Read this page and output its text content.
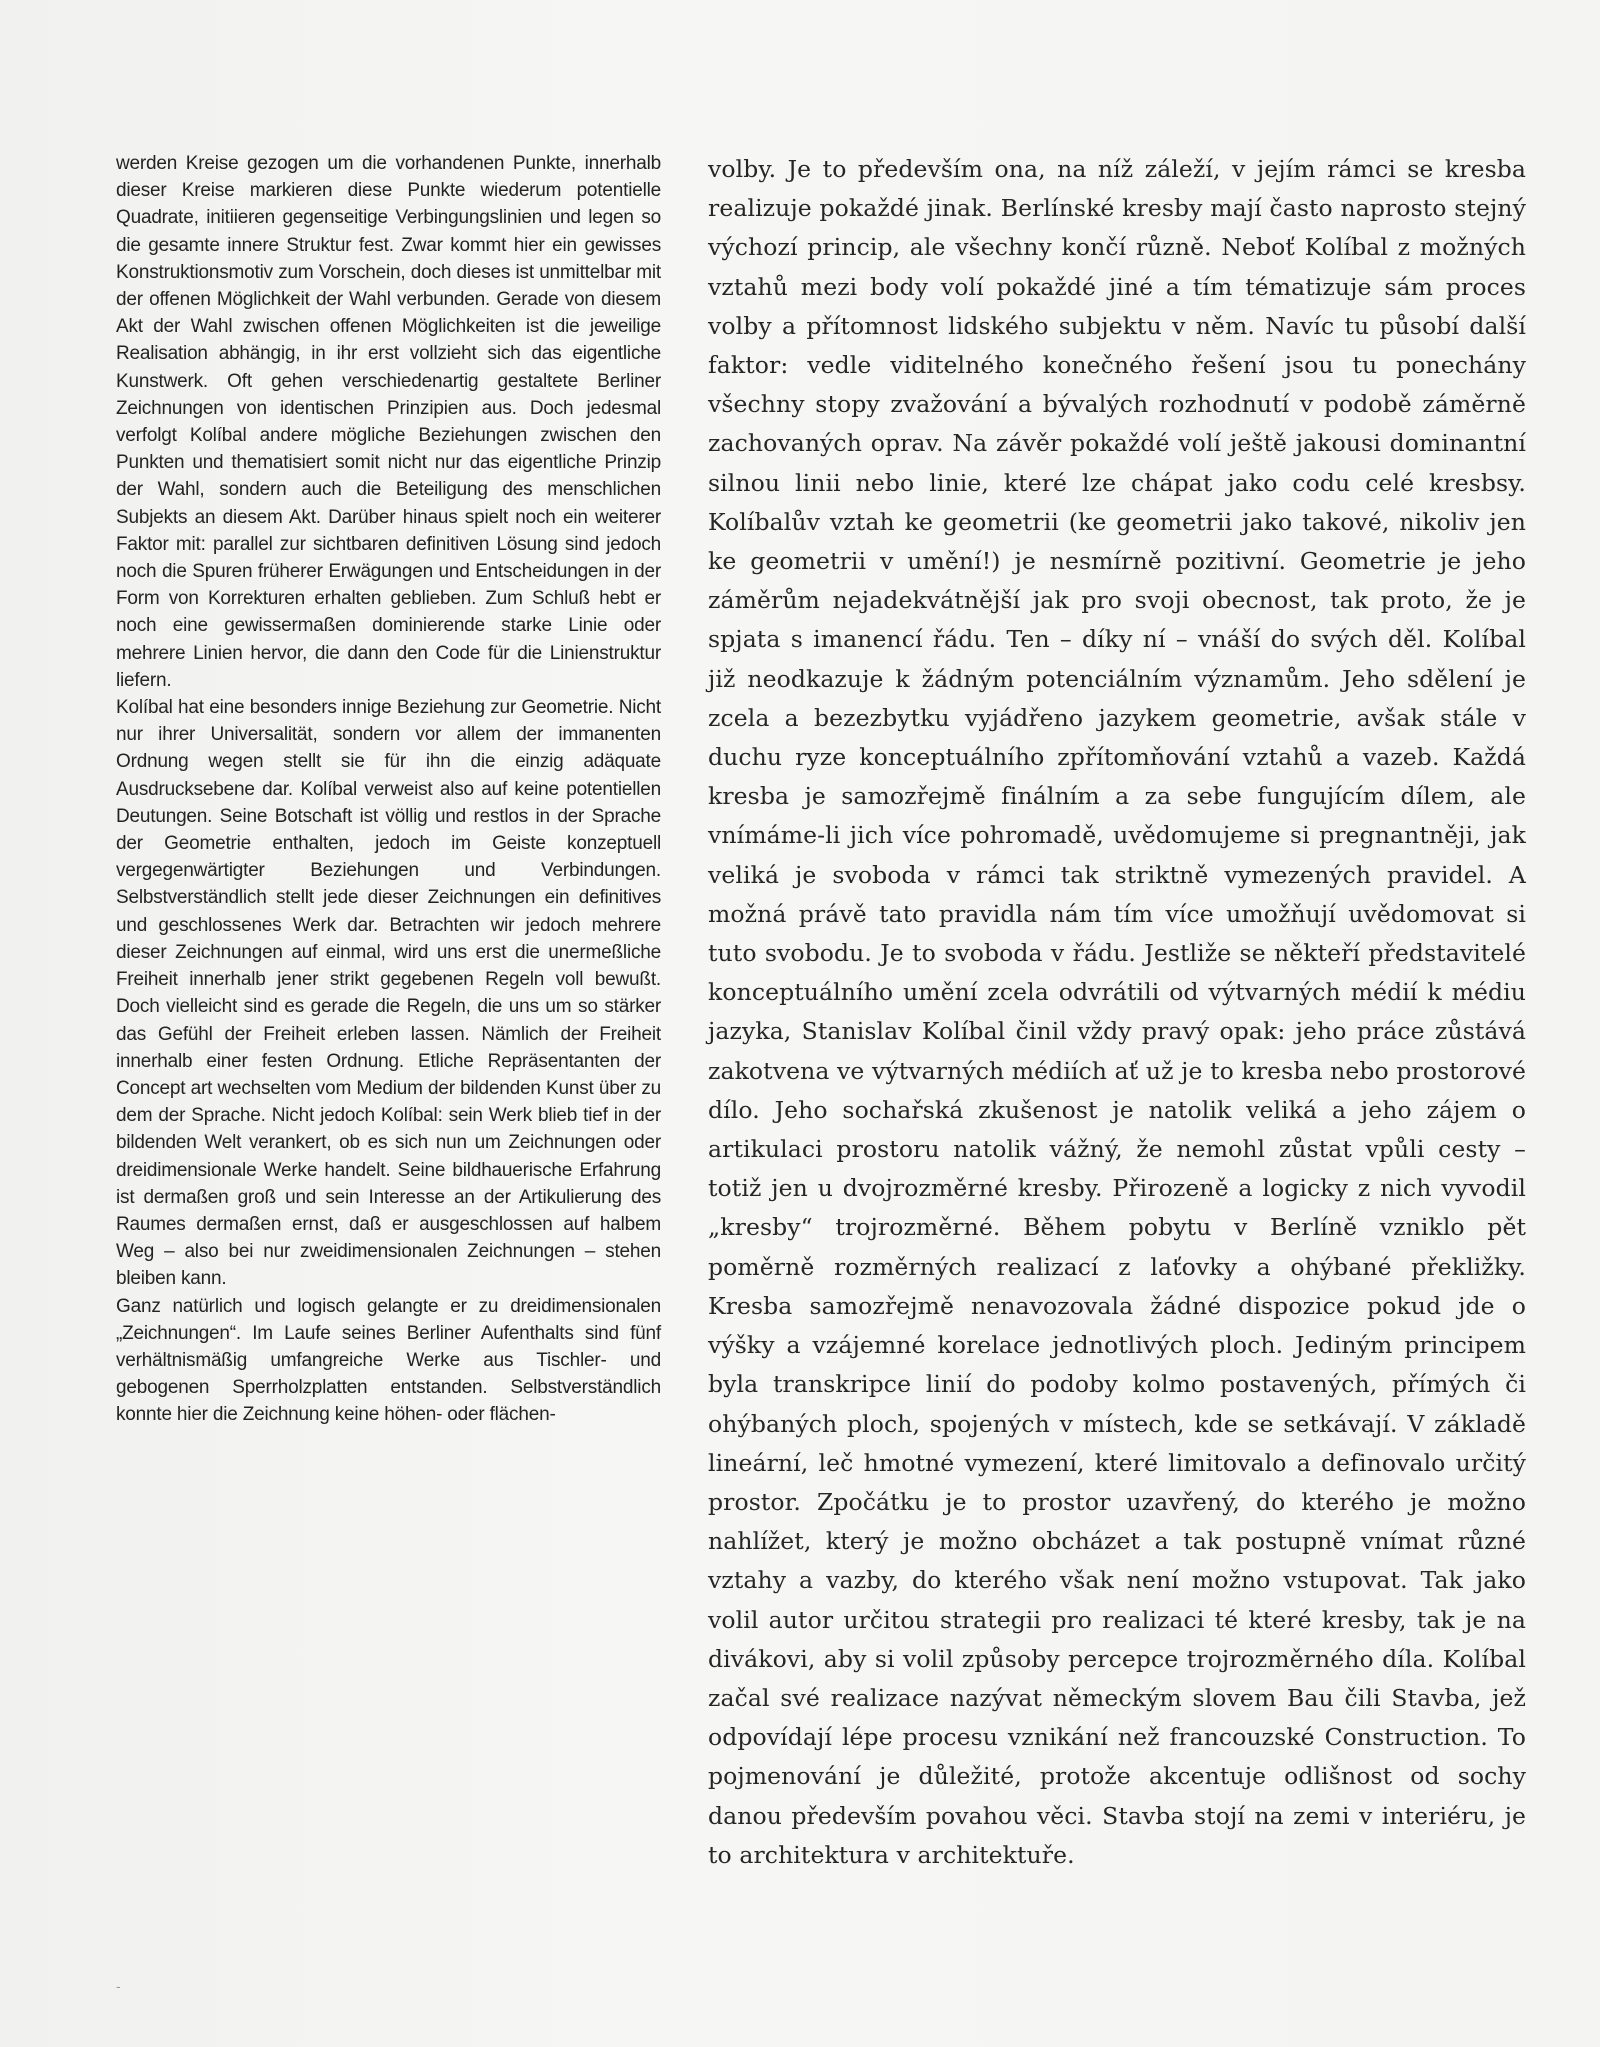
werden Kreise gezogen um die vorhandenen Punkte, innerhalb dieser Kreise markieren diese Punkte wiederum potentielle Quadrate, initiieren gegenseitige Verbingungslinien und legen so die gesamte innere Struktur fest. Zwar kommt hier ein gewisses Konstruktionsmotiv zum Vorschein, doch dieses ist unmittelbar mit der offenen Möglichkeit der Wahl verbunden. Gerade von diesem Akt der Wahl zwischen offenen Möglichkeiten ist die jeweilige Realisation abhängig, in ihr erst vollzieht sich das eigentliche Kunstwerk. Oft gehen verschiedenartig gestaltete Berliner Zeichnungen von identischen Prinzipien aus. Doch jedesmal verfolgt Kolíbal andere mögliche Beziehungen zwischen den Punkten und thematisiert somit nicht nur das eigentliche Prinzip der Wahl, sondern auch die Beteiligung des menschlichen Subjekts an diesem Akt. Darüber hinaus spielt noch ein weiterer Faktor mit: parallel zur sichtbaren definitiven Lösung sind jedoch noch die Spuren früherer Erwägungen und Entscheidungen in der Form von Korrekturen erhalten geblieben. Zum Schluß hebt er noch eine gewissermaßen dominierende starke Linie oder mehrere Linien hervor, die dann den Code für die Linienstruktur liefern.

Kolíbal hat eine besonders innige Beziehung zur Geometrie. Nicht nur ihrer Universalität, sondern vor allem der immanenten Ordnung wegen stellt sie für ihn die einzig adäquate Ausdrucksebene dar. Kolíbal verweist also auf keine potentiellen Deutungen. Seine Botschaft ist völlig und restlos in der Sprache der Geometrie enthalten, jedoch im Geiste konzeptuell vergegenwärtigter Beziehungen und Verbindungen. Selbstverständlich stellt jede dieser Zeichnungen ein definitives und geschlossenes Werk dar. Betrachten wir jedoch mehrere dieser Zeichnungen auf einmal, wird uns erst die unermeßliche Freiheit innerhalb jener strikt gegebenen Regeln voll bewußt. Doch vielleicht sind es gerade die Regeln, die uns um so stärker das Gefühl der Freiheit erleben lassen. Nämlich der Freiheit innerhalb einer festen Ordnung. Etliche Repräsentanten der Concept art wechselten vom Medium der bildenden Kunst über zu dem der Sprache. Nicht jedoch Kolíbal: sein Werk blieb tief in der bildenden Welt verankert, ob es sich nun um Zeichnungen oder dreidimensionale Werke handelt. Seine bildhauerische Erfahrung ist dermaßen groß und sein Interesse an der Artikulierung des Raumes dermaßen ernst, daß er ausgeschlossen auf halbem Weg – also bei nur zweidimensionalen Zeichnungen – stehen bleiben kann.

Ganz natürlich und logisch gelangte er zu dreidimensionalen „Zeichnungen“. Im Laufe seines Berliner Aufenthalts sind fünf verhältnismäßig umfangreiche Werke aus Tischler- und gebogenen Sperrholzplatten entstanden. Selbstverständlich konnte hier die Zeichnung keine höhen- oder flächen-

volby. Je to především ona, na níž záleží, v jejím rámci se kresba realizuje pokaždé jinak. Berlínské kresby mají často naprosto stejný výchozí princip, ale všechny končí různě. Neboť Kolíbal z možných vztahů mezi body volí pokaždé jiné a tím tématizuje sám proces volby a přítomnost lidského subjektu v něm. Navíc tu působí další faktor: vedle viditelného konečného řešení jsou tu ponechány všechny stopy zvažování a bývalých rozhodnutí v podobě záměrně zachovaných oprav. Na závěr pokaždé volí ještě jakousi dominantní silnou linii nebo linie, které lze chápat jako codu celé kresbsy. Kolíbalův vztah ke geometrii (ke geometrii jako takové, nikoliv jen ke geometrii v umění!) je nesmírně pozitivní. Geometrie je jeho záměrům nejadekvátnější jak pro svoji obecnost, tak proto, že je spjata s imanencí řádu. Ten – díky ní – vnáší do svých děl. Kolíbal již neodkazuje k žádným potenciálním významům. Jeho sdělení je zcela a bezezbytku vyjádřeno jazykem geometrie, avšak stále v duchu ryze konceptuálního zpřítomňování vztahů a vazeb. Každá kresba je samozřejmě finálním a za sebe fungujícím dílem, ale vnímáme-li jich více pohromadě, uvědomujeme si pregnantněji, jak veliká je svoboda v rámci tak striktně vymezených pravidel. A možná právě tato pravidla nám tím více umožňují uvědomovat si tuto svobodu. Je to svoboda v řádu. Jestliže se někteří představitelé konceptuálního umění zcela odvrátili od výtvarných médií k médiu jazyka, Stanislav Kolíbal činil vždy pravý opak: jeho práce zůstává zakotvena ve výtvarných médiích ať už je to kresba nebo prostorové dílo. Jeho sochařská zkušenost je natolik veliká a jeho zájem o artikulaci prostoru natolik vážný, že nemohl zůstat vpůli cesty – totiž jen u dvojrozměrné kresby. Přirozeně a logicky z nich vyvodil „kresby“ trojrozměrné. Během pobytu v Berlíně vzniklo pět poměrně rozměrných realizací z laťovky a ohýbané překližky. Kresba samozřejmě nenavozovala žádné dispozice pokud jde o výšky a vzájemné korelace jednotlivých ploch. Jediným principem byla transkripce linií do podoby kolmo postavených, přímých či ohýbaných ploch, spojených v místech, kde se setkávají. V základě lineární, leč hmotné vymezení, které limitovalo a definovalo určitý prostor. Zpočátku je to prostor uzavřený, do kterého je možno nahlížet, který je možno obcházet a tak postupně vnímat různé vztahy a vazby, do kterého však není možno vstupovat. Tak jako volil autor určitou strategii pro realizaci té které kresby, tak je na divákovi, aby si volil způsoby percepce trojrozměrného díla. Kolíbal začal své realizace nazývat německým slovem Bau čili Stavba, jež odpovídají lépe procesu vznikání než francouzské Construction. To pojmenování je důležité, protože akcentuje odlišnost od sochy danou především povahou věci. Stavba stojí na zemi v interiéru, je to architektura v architektuře.

-
